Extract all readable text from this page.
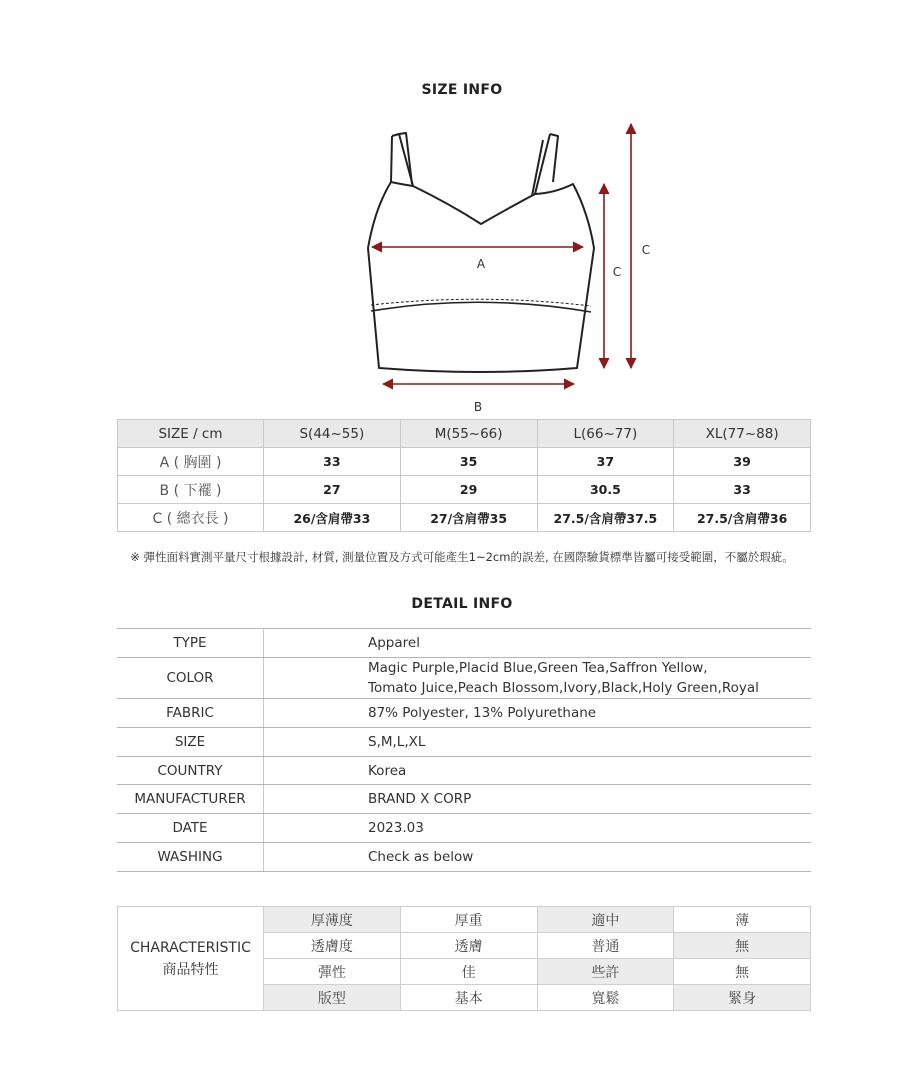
SIZE INFO
A
B
C
C
SIZE / cm	S(44~55)	M(55~66)	L(66~77)	XL(77~88)
A ( 胸圍 )	33	35	37	39
B ( 下襬 )	27	29	30.5	33
C ( 總衣長 )	26/含肩帶33	27/含肩帶35	27.5/含肩帶37.5	27.5/含肩帶36
※ 彈性面料實測平量尺寸根據設計, 材質, 測量位置及方式可能產生1~2cm的誤差, 在國際驗貨標準皆屬可接受範圍，不屬於瑕疵。
DETAIL INFO
TYPE	Apparel
COLOR	Magic Purple,Placid Blue,Green Tea,Saffron Yellow,
Tomato Juice,Peach Blossom,Ivory,Black,Holy Green,Royal

FABRIC	87% Polyester, 13% Polyurethane
SIZE	S,M,L,XL
COUNTRY	Korea
MANUFACTURER	BRAND X CORP
DATE	2023.03
WASHING	Check as below
CHARACTERISTIC
商品特性	厚薄度	厚重	適中	薄
	透膚度	透膚	普通	無
	彈性	佳	些許	無
	版型	基本	寬鬆	緊身
